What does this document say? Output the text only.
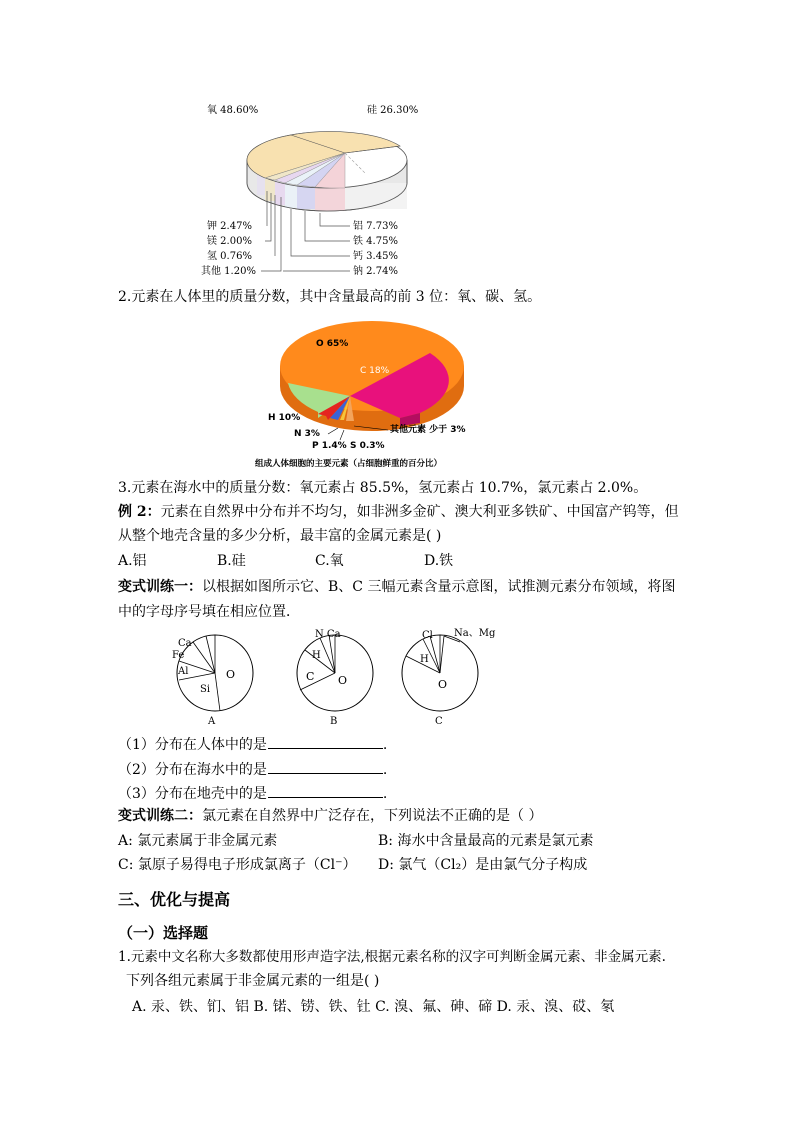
氧 48.60%	硅 26.30%
钾 2.47%
镁 2.00%
氢 0.76%
其他 1.20%
铝 7.73%
铁 4.75%
钙 3.45%
钠 2.74%
2.元素在人体里的质量分数，其中含量最高的前 3 位：氧、碳、氢。
O 65%
C 18%
H 10%
N 3%
P 1.4% S 0.3%
其他元素 少于 3%
组成人体细胞的主要元素（占细胞鲜重的百分比）
3.元素在海水中的质量分数：氧元素占 85.5%，氢元素占 10.7%，氯元素占 2.0%。
例 2：元素在自然界中分布并不均匀，如非洲多金矿、澳大利亚多铁矿、中国富产钨等，但
从整个地壳含量的多少分析，最丰富的金属元素是( )
A.铝	B.硅	C.氧	D.铁
变式训练一：以根据如图所示它、B、C 三幅元素含量示意图，试推测元素分布领域，将图
中的字母序号填在相应位置．
Ca
Fe
Al
Si
O
A
N Ca
H
C O
B
Cl Na、Mg
H
O
C
（1）分布在人体中的是	.
（2）分布在海水中的是	.
（3）分布在地壳中的是	.
变式训练二：氯元素在自然界中广泛存在，下列说法不正确的是（ ）
A: 氯元素属于非金属元素	B: 海水中含量最高的元素是氯元素
C: 氯原子易得电子形成氯离子（Cl⁻） D: 氯气（Cl₂）是由氯气分子构成
三、优化与提高
（一）选择题
1.元素中文名称大多数都使用形声造字法,根据元素名称的汉字可判断金属元素、非金属元素.
下列各组元素属于非金属元素的一组是( )
A. 汞、铁、钔、铝 B. 锘、铹、铁、钍 C. 溴、氟、砷、碲 D. 汞、溴、砹、氡
